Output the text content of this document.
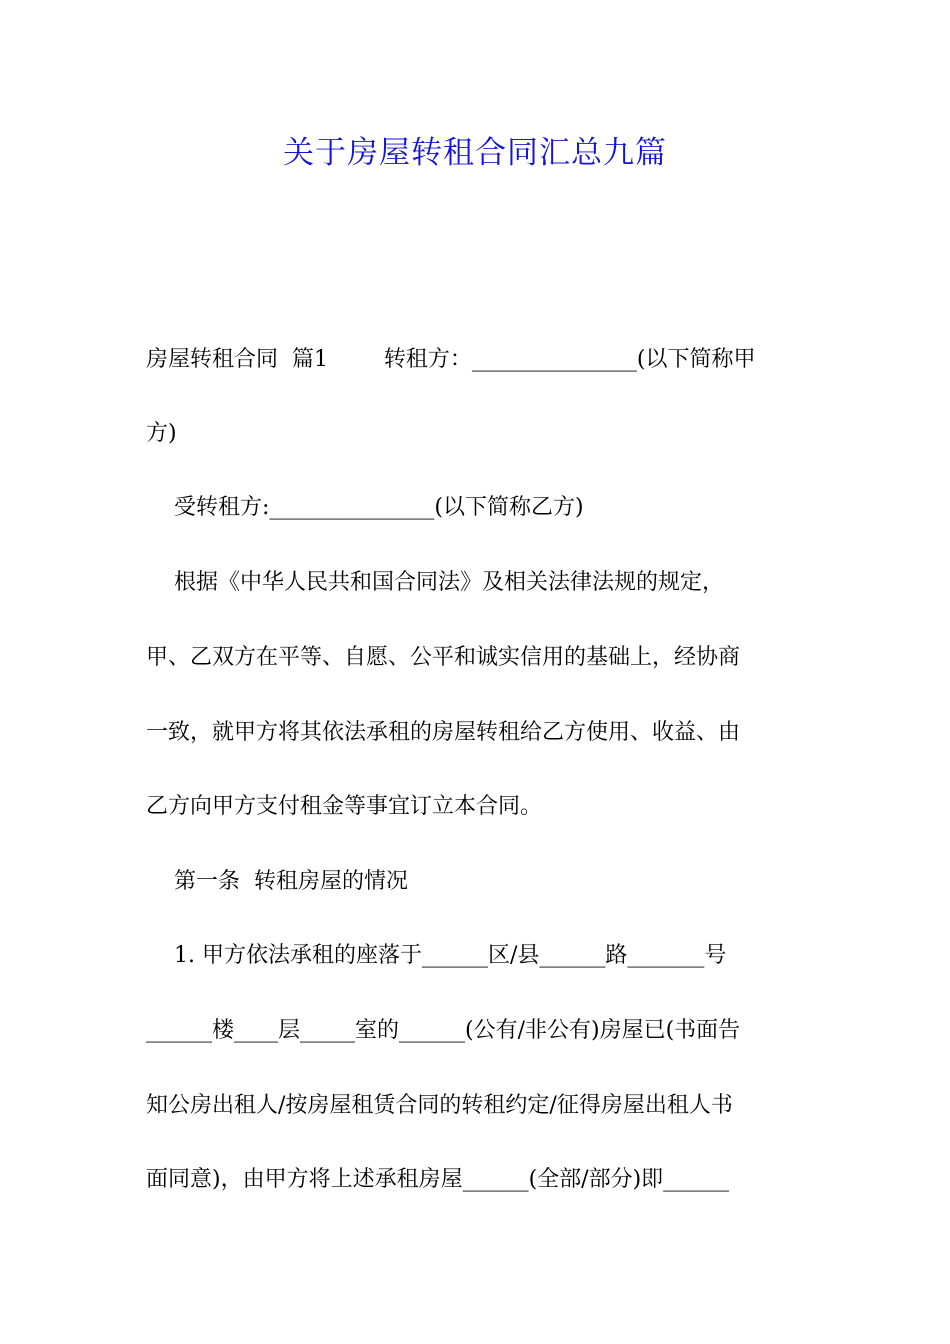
关于房屋转租合同汇总九篇
房屋转租合同  篇1        转租方：_______________(以下简称甲
方)
受转租方:_______________(以下简称乙方)
根据《中华人民共和国合同法》及相关法律法规的规定，
甲、乙双方在平等、自愿、公平和诚实信用的基础上，经协商
一致，就甲方将其依法承租的房屋转租给乙方使用、收益、由
乙方向甲方支付租金等事宜订立本合同。
第一条  转租房屋的情况
1. 甲方依法承租的座落于______区/县______路_______号
______楼____层_____室的______(公有/非公有)房屋已(书面告
知公房出租人/按房屋租赁合同的转租约定/征得房屋出租人书
面同意)，由甲方将上述承租房屋______(全部/部分)即______
